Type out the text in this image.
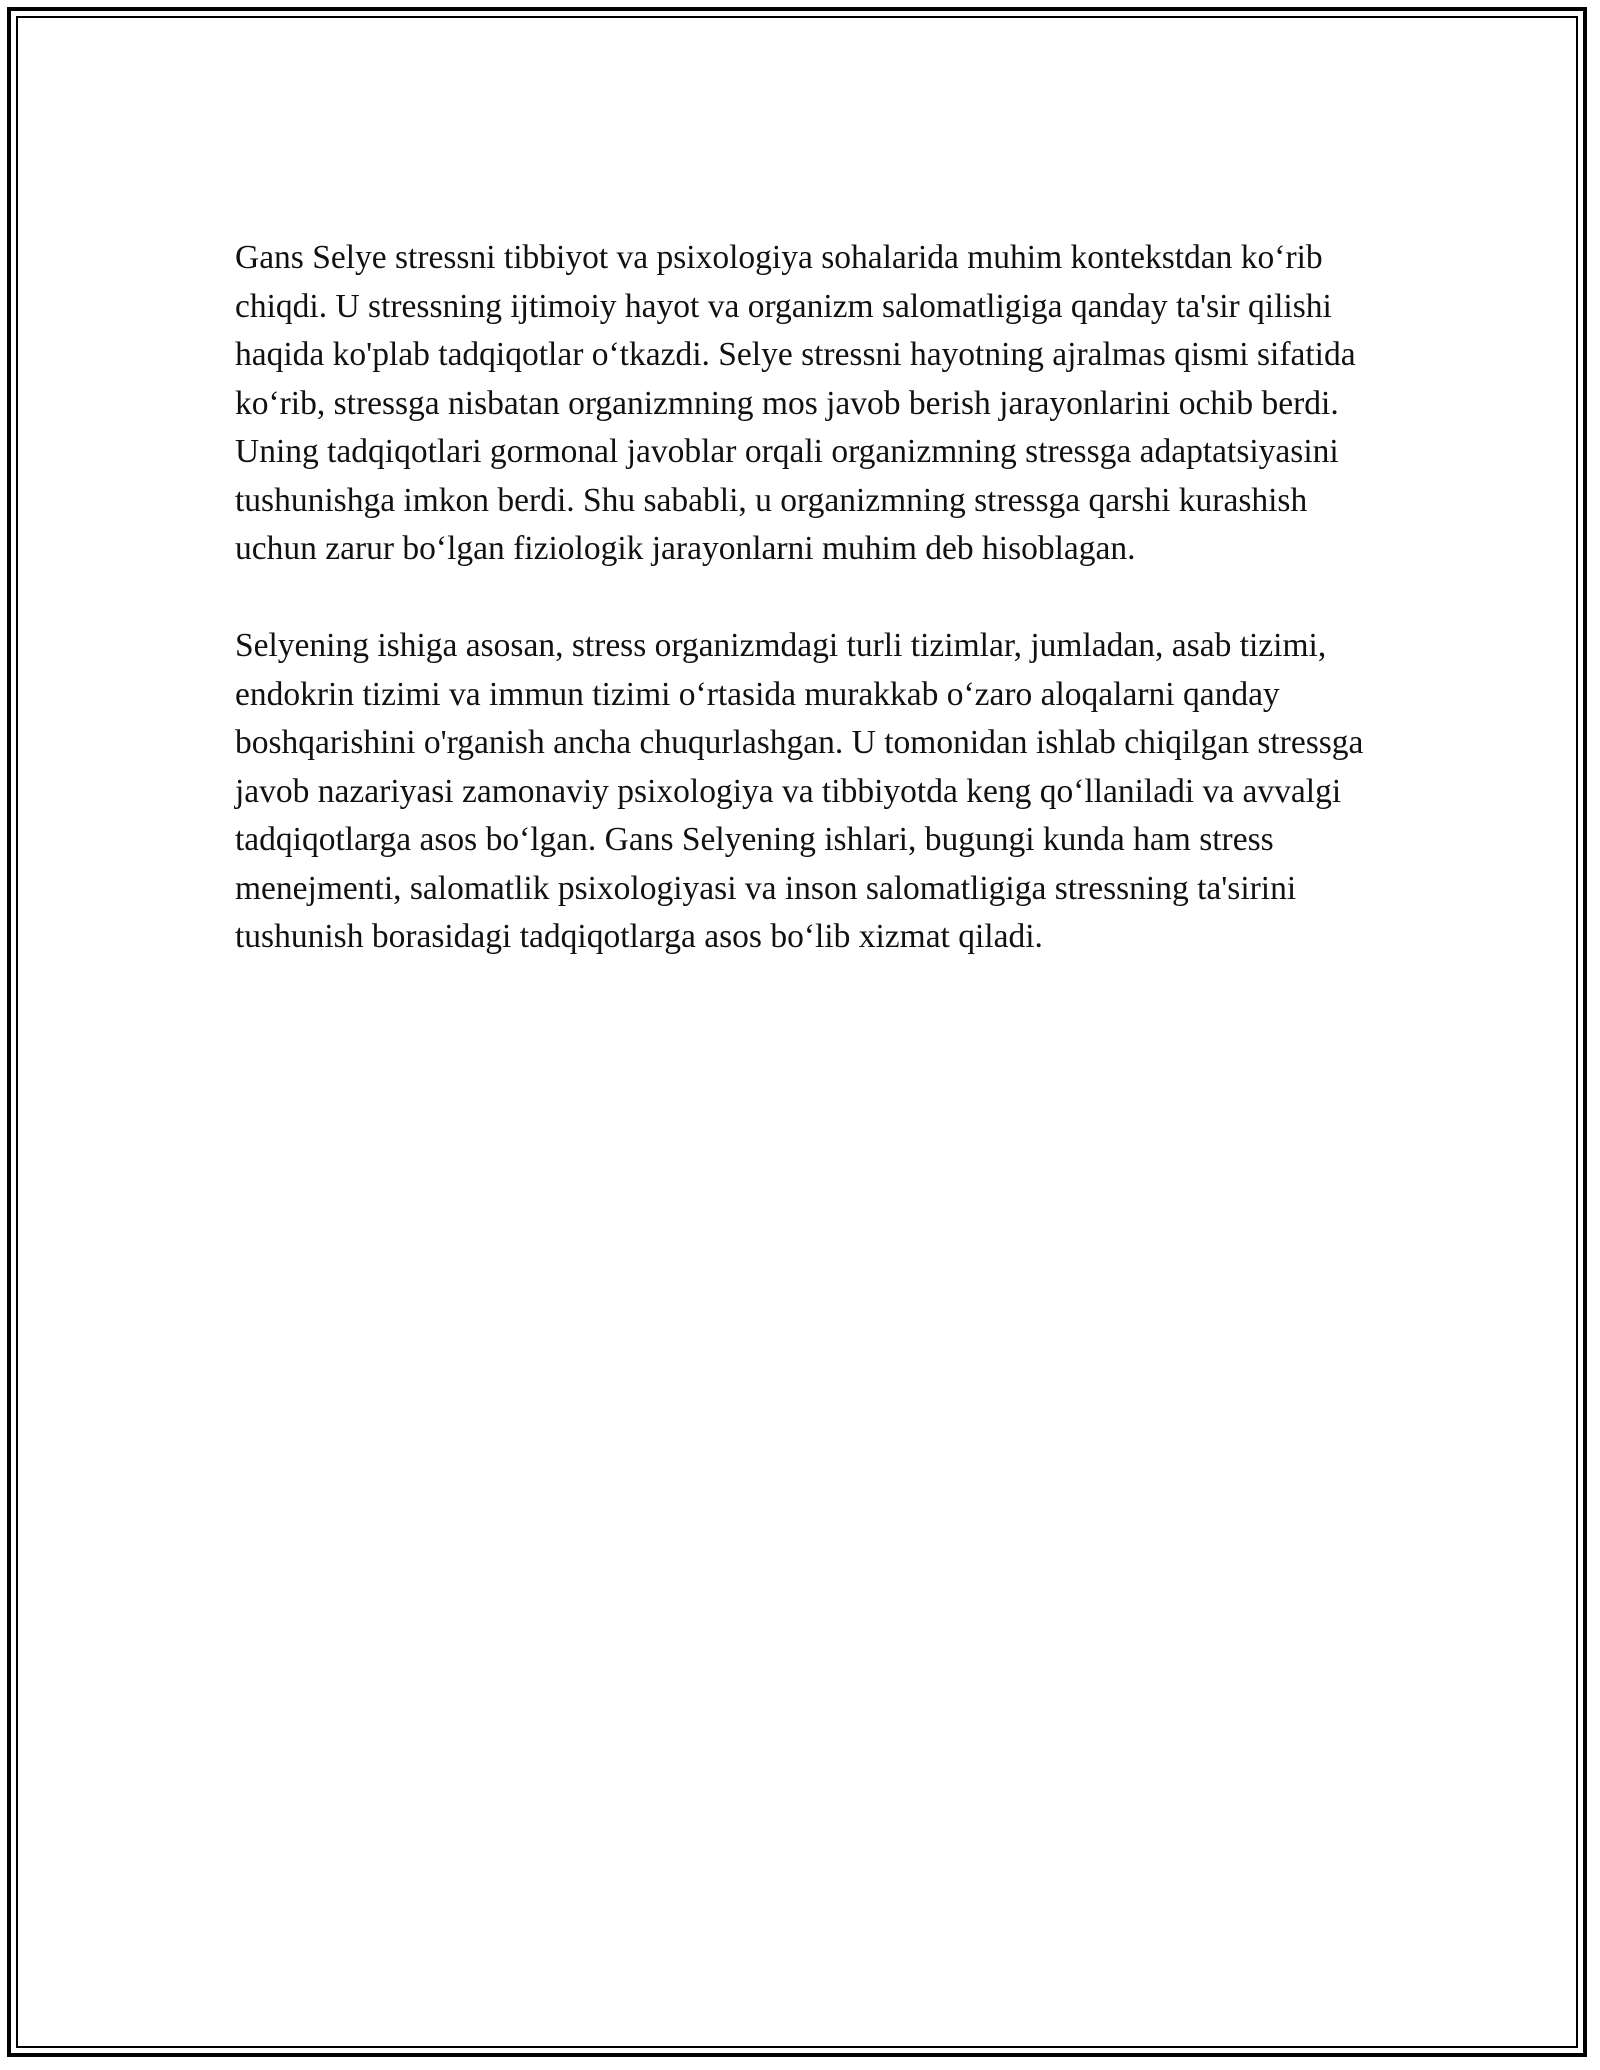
Gans Selye stressni tibbiyot va psixologiya sohalarida muhim kontekstdan ko‘rib chiqdi. U stressning ijtimoiy hayot va organizm salomatligiga qanday ta'sir qilishi haqida ko'plab tadqiqotlar o‘tkazdi. Selye stressni hayotning ajralmas qismi sifatida ko‘rib, stressga nisbatan organizmning mos javob berish jarayonlarini ochib berdi. Uning tadqiqotlari gormonal javoblar orqali organizmning stressga adaptatsiyasini tushunishga imkon berdi. Shu sababli, u organizmning stressga qarshi kurashish uchun zarur bo‘lgan fiziologik jarayonlarni muhim deb hisoblagan.

Selyening ishiga asosan, stress organizmdagi turli tizimlar, jumladan, asab tizimi, endokrin tizimi va immun tizimi o‘rtasida murakkab o‘zaro aloqalarni qanday boshqarishini o'rganish ancha chuqurlashgan. U tomonidan ishlab chiqilgan stressga javob nazariyasi zamonaviy psixologiya va tibbiyotda keng qo‘llaniladi va avvalgi tadqiqotlarga asos bo‘lgan. Gans Selyening ishlari, bugungi kunda ham stress menejmenti, salomatlik psixologiyasi va inson salomatligiga stressning ta'sirini tushunish borasidagi tadqiqotlarga asos bo‘lib xizmat qiladi.
